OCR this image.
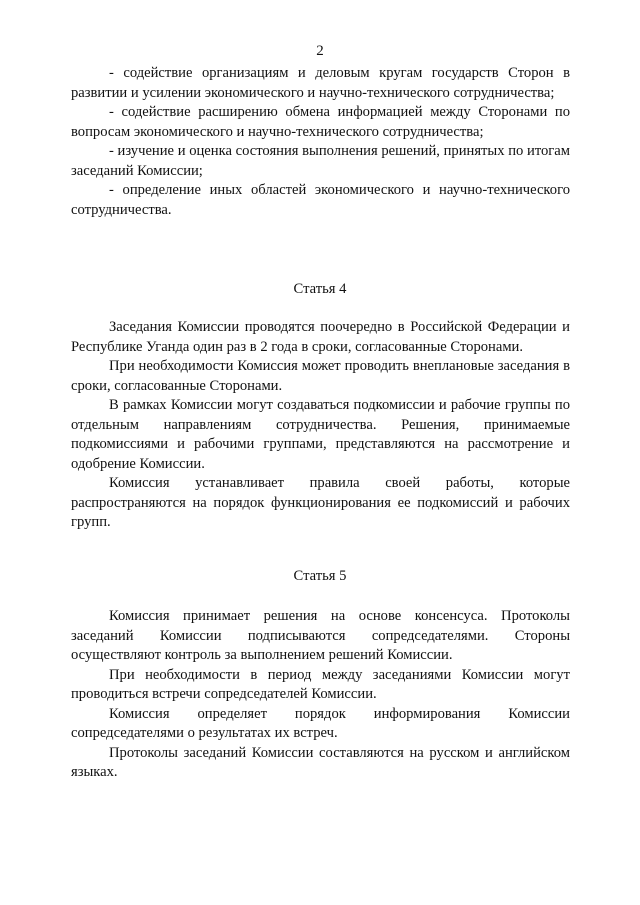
2

- содействие организациям и деловым кругам государств Сторон в развитии и усилении экономического и научно-технического сотрудничества;

- содействие расширению обмена информацией между Сторонами по вопросам экономического и научно-технического сотрудничества;

- изучение и оценка состояния выполнения решений, принятых по итогам заседаний Комиссии;

- определение иных областей экономического и научно-технического сотрудничества.

Статья 4

Заседания Комиссии проводятся поочередно в Российской Федерации и Республике Уганда один раз в 2 года в сроки, согласованные Сторонами.

При необходимости Комиссия может проводить внеплановые заседания в сроки, согласованные Сторонами.

В рамках Комиссии могут создаваться подкомиссии и рабочие группы по отдельным направлениям сотрудничества. Решения, принимаемые подкомиссиями и рабочими группами, представляются на рассмотрение и одобрение Комиссии.

Комиссия устанавливает правила своей работы, которые распространяются на порядок функционирования ее подкомиссий и рабочих групп.

Статья 5

Комиссия принимает решения на основе консенсуса. Протоколы заседаний Комиссии подписываются сопредседателями. Стороны осуществляют контроль за выполнением решений Комиссии.

При необходимости в период между заседаниями Комиссии могут проводиться встречи сопредседателей Комиссии.

Комиссия определяет порядок информирования Комиссии сопредседателями о результатах их встреч.

Протоколы заседаний Комиссии составляются на русском и английском языках.
